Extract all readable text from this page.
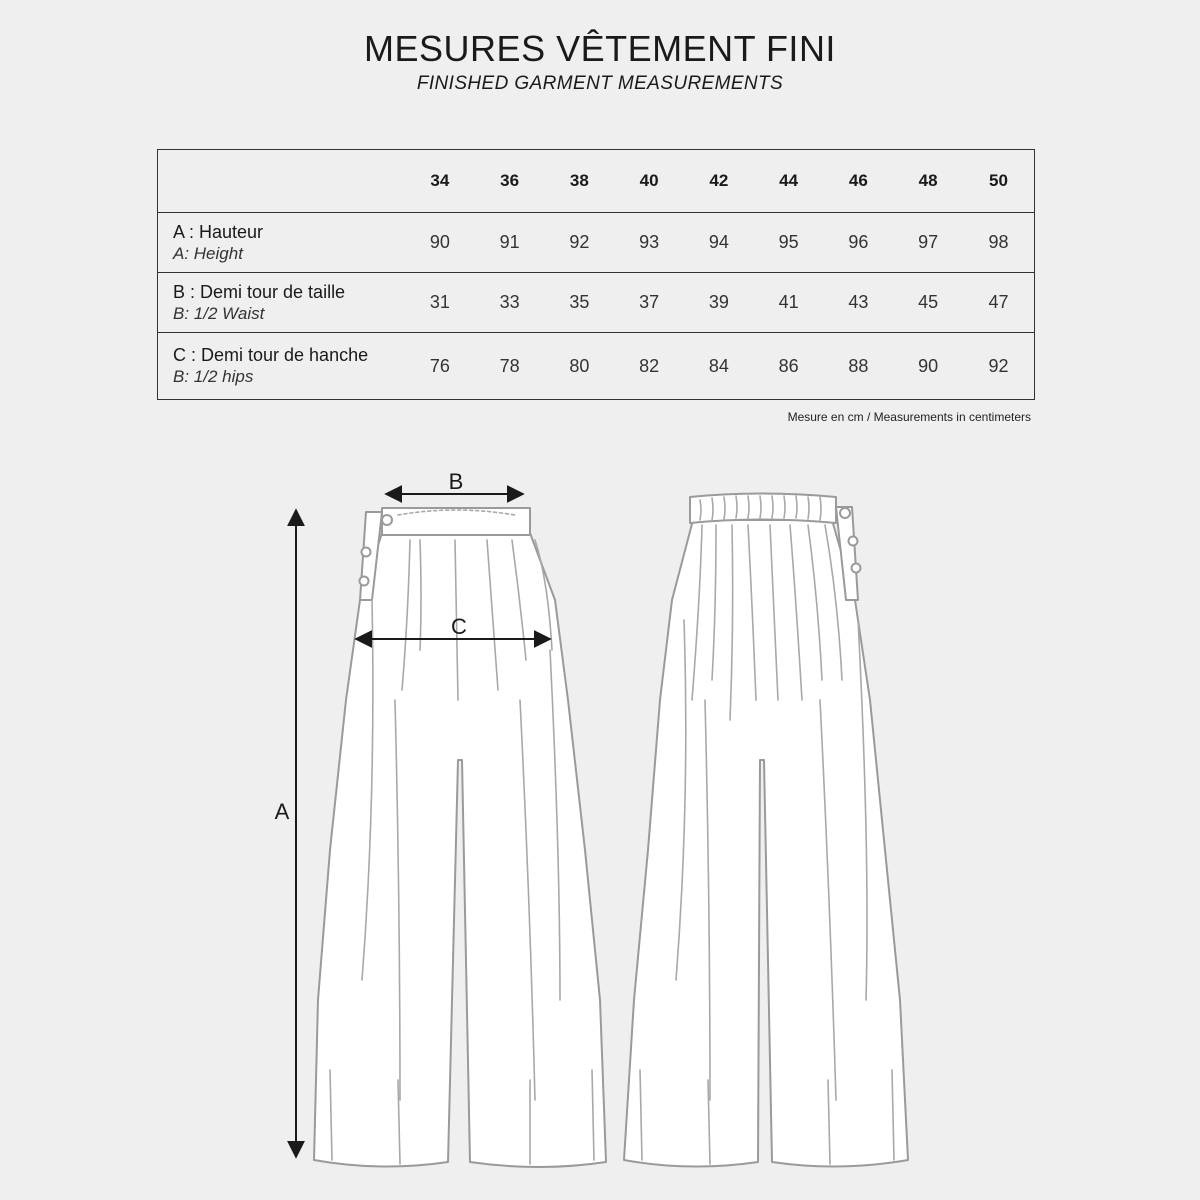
MESURES VÊTEMENT FINI
FINISHED GARMENT MEASUREMENTS
	34	36	38	40	42	44	46	48	50

A : Hauteur
A: Height	90	91	92	93	94	95	96	97	98

B : Demi tour de taille
B: 1/2 Waist	31	33	35	37	39	41	43	45	47

C : Demi tour de hanche
B: 1/2 hips	76	78	80	82	84	86	88	90	92
Mesure en cm / Measurements in centimeters
B
C
A
